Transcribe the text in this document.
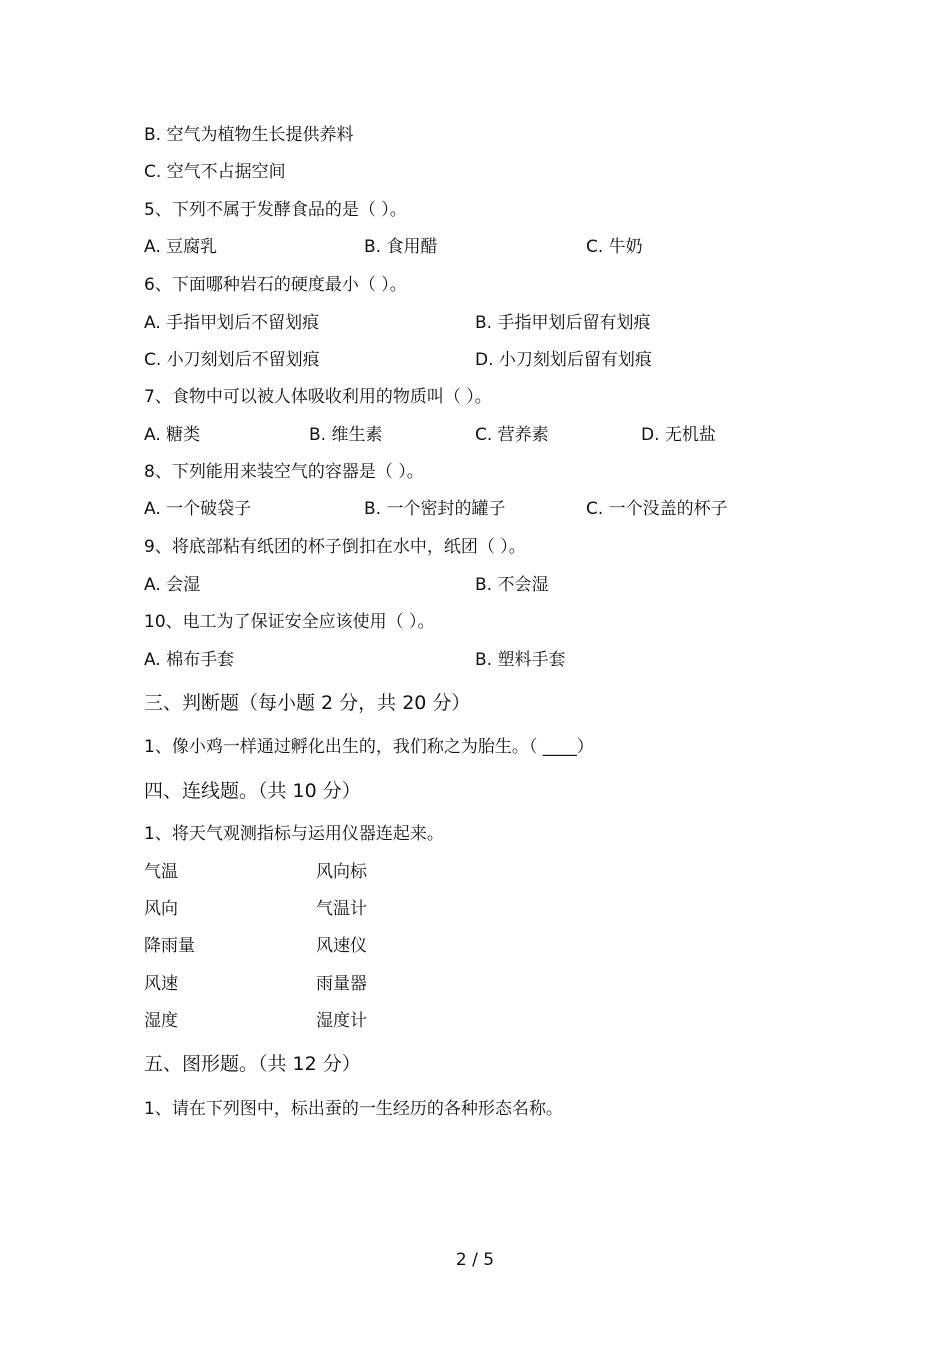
B. 空气为植物生长提供养料
C. 空气不占据空间
5、下列不属于发酵食品的是（ ）。
A. 豆腐乳	B. 食用醋	C. 牛奶
6、下面哪种岩石的硬度最小（ ）。
A. 手指甲划后不留划痕	B. 手指甲划后留有划痕
C. 小刀刻划后不留划痕	D. 小刀刻划后留有划痕
7、食物中可以被人体吸收利用的物质叫（ ）。
A. 糖类	B. 维生素	C. 营养素	D. 无机盐
8、下列能用来装空气的容器是（ ）。
A. 一个破袋子	B. 一个密封的罐子	C. 一个没盖的杯子
9、将底部粘有纸团的杯子倒扣在水中，纸团（ ）。
A. 会湿	B. 不会湿
10、电工为了保证安全应该使用（ ）。
A. 棉布手套	B. 塑料手套
三、判断题（每小题 2 分，共 20 分）
1、像小鸡一样通过孵化出生的，我们称之为胎生。（ ____）
四、连线题。（共 10 分）
1、将天气观测指标与运用仪器连起来。
气温	风向标
风向	气温计
降雨量	风速仪
风速	雨量器
湿度	湿度计
五、图形题。（共 12 分）
1、请在下列图中，标出蚕的一生经历的各种形态名称。
2 / 5
